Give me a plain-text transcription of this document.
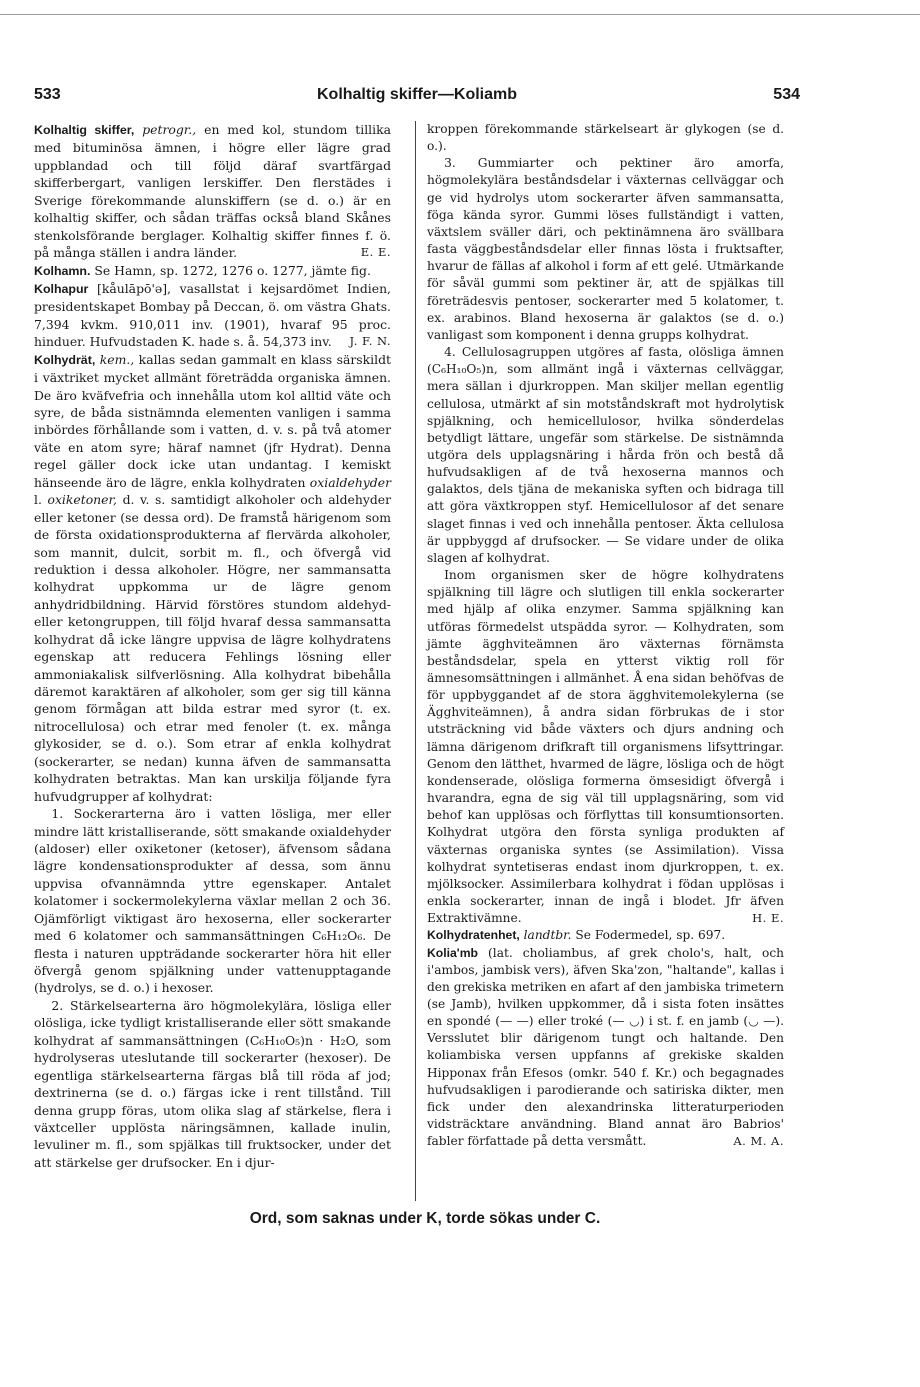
533	Kolhaltig skiffer—Koliamb	534

Kolhaltig skiffer, petrogr., en med kol, stundom tillika med bituminösa ämnen, i högre eller lägre grad uppblandad och till följd däraf svartfärgad skifferbergart, vanligen lerskiffer. Den flerstädes i Sverige förekommande alunskiffern (se d. o.) är en kolhaltig skiffer, och sådan träffas också bland Skånes stenkolsförande berglager. Kolhaltig skiffer finnes f. ö. på många ställen i andra länder.	E. E.

Kolhamn. Se Hamn, sp. 1272, 1276 o. 1277, jämte fig.

Kolhapur [kåulāpō'ə], vasallstat i kejsardömet Indien, presidentskapet Bombay på Deccan, ö. om västra Ghats. 7,394 kvkm. 910,011 inv. (1901), hvaraf 95 proc. hinduer. Hufvudstaden K. hade s. å. 54,373 inv. J. F. N.

Kolhydrät, kem., kallas sedan gammalt en klass särskildt i växtriket mycket allmänt företrädda organiska ämnen. De äro kväfvefria och innehålla utom kol alltid väte och syre, de båda sistnämnda elementen vanligen i samma inbördes förhållande som i vatten, d. v. s. på två atomer väte en atom syre; häraf namnet (jfr Hydrat). Denna regel gäller dock icke utan undantag. I kemiskt hänseende äro de lägre, enkla kolhydraten oxialdehyder l. oxiketoner, d. v. s. samtidigt alkoholer och aldehyder eller ketoner (se dessa ord). De framstå härigenom som de första oxidationsprodukterna af flervärda alkoholer, som mannit, dulcit, sorbit m. fl., och öfvergå vid reduktion i dessa alkoholer. Högre, ner sammansatta kolhydrat uppkomma ur de lägre genom anhydridbildning. Härvid förstöres stundom aldehyd- eller ketongruppen, till följd hvaraf dessa sammansatta kolhydrat då icke längre uppvisa de lägre kolhydratens egenskap att reducera Fehlings lösning eller ammoniakalisk silfverlösning. Alla kolhydrat bibehålla däremot karaktären af alkoholer, som ger sig till känna genom förmågan att bilda estrar med syror (t. ex. nitrocellulosa) och etrar med fenoler (t. ex. många glykosider, se d. o.). Som etrar af enkla kolhydrat (sockerarter, se nedan) kunna äfven de sammansatta kolhydraten betraktas. Man kan urskilja följande fyra hufvudgrupper af kolhydrat:

1. Sockerarterna äro i vatten lösliga, mer eller mindre lätt kristalliserande, sött smakande oxialdehyder (aldoser) eller oxiketoner (ketoser), äfvensom sådana lägre kondensationsprodukter af dessa, som ännu uppvisa ofvannämnda yttre egenskaper. Antalet kolatomer i sockermolekylerna växlar mellan 2 och 36. Ojämförligt viktigast äro hexoserna, eller sockerarter med 6 kolatomer och sammansättningen C₆H₁₂O₆. De flesta i naturen uppträdande sockerarter höra hit eller öfvergå genom spjälkning under vattenupptagande (hydrolys, se d. o.) i hexoser.

2. Stärkelsearterna äro högmolekylära, lösliga eller olösliga, icke tydligt kristalliserande eller sött smakande kolhydrat af sammansättningen (C₆H₁₀O₅)n · H₂O, som hydrolyseras uteslutande till sockerarter (hexoser). De egentliga stärkelsearterna färgas blå till röda af jod; dextrinerna (se d. o.) färgas icke i rent tillstånd. Till denna grupp föras, utom olika slag af stärkelse, flera i växtceller upplösta näringsämnen, kallade inulin, levuliner m. fl., som spjälkas till fruktsocker, under det att stärkelse ger drufsocker. En i djur-

kroppen förekommande stärkelseart är glykogen (se d. o.).

3. Gummiarter och pektiner äro amorfa, högmolekylära beståndsdelar i växternas cellväggar och ge vid hydrolys utom sockerarter äfven sammansatta, föga kända syror. Gummi löses fullständigt i vatten, växtslem sväller däri, och pektinämnena äro svällbara fasta väggbeståndsdelar eller finnas lösta i fruktsafter, hvarur de fällas af alkohol i form af ett gelé. Utmärkande för såväl gummi som pektiner är, att de spjälkas till företrädesvis pentoser, sockerarter med 5 kolatomer, t. ex. arabinos. Bland hexoserna är galaktos (se d. o.) vanligast som komponent i denna grupps kolhydrat.

4. Cellulosagruppen utgöres af fasta, olösliga ämnen (C₆H₁₀O₅)n, som allmänt ingå i växternas cellväggar, mera sällan i djurkroppen. Man skiljer mellan egentlig cellulosa, utmärkt af sin motståndskraft mot hydrolytisk spjälkning, och hemicellulosor, hvilka sönderdelas betydligt lättare, ungefär som stärkelse. De sistnämnda utgöra dels upplagsnäring i hårda frön och bestå då hufvudsakligen af de två hexoserna mannos och galaktos, dels tjäna de mekaniska syften och bidraga till att göra växtkroppen styf. Hemicellulosor af det senare slaget finnas i ved och innehålla pentoser. Äkta cellulosa är uppbyggd af drufsocker. — Se vidare under de olika slagen af kolhydrat.

Inom organismen sker de högre kolhydratens spjälkning till lägre och slutligen till enkla sockerarter med hjälp af olika enzymer. Samma spjälkning kan utföras förmedelst utspädda syror. — Kolhydraten, som jämte ägghviteämnen äro växternas förnämsta beståndsdelar, spela en ytterst viktig roll för ämnesomsättningen i allmänhet. Å ena sidan behöfvas de för uppbyggandet af de stora ägghvitemolekylerna (se Ägghviteämnen), å andra sidan förbrukas de i stor utsträckning vid både växters och djurs andning och lämna därigenom drifkraft till organismens lifsyttringar. Genom den lätthet, hvarmed de lägre, lösliga och de högt kondenserade, olösliga formerna ömsesidigt öfvergå i hvarandra, egna de sig väl till upplagsnäring, som vid behof kan upplösas och förflyttas till konsumtionsorten. Kolhydrat utgöra den första synliga produkten af växternas organiska syntes (se Assimilation). Vissa kolhydrat syntetiseras endast inom djurkroppen, t. ex. mjölksocker. Assimilerbara kolhydrat i födan upplösas i enkla sockerarter, innan de ingå i blodet. Jfr äfven Extraktivämne.	H. E.

Kolhydratenhet, landtbr. Se Fodermedel, sp. 697.

Kolia'mb (lat. choliambus, af grek cholo's, halt, och i'ambos, jambisk vers), äfven Ska'zon, "haltande", kallas i den grekiska metriken en afart af den jambiska trimetern (se Jamb), hvilken uppkommer, då i sista foten insättes en spondé (— —) eller troké (— ◡) i st. f. en jamb (◡ —). Versslutet blir därigenom tungt och haltande. Den koliambiska versen uppfanns af grekiske skalden Hipponax från Efesos (omkr. 540 f. Kr.) och begagnades hufvudsakligen i parodierande och satiriska dikter, men fick under den alexandrinska litteraturperioden vidsträcktare användning. Bland annat äro Babrios' fabler författade på detta versmått.	A. M. A.

Ord, som saknas under K, torde sökas under C.
